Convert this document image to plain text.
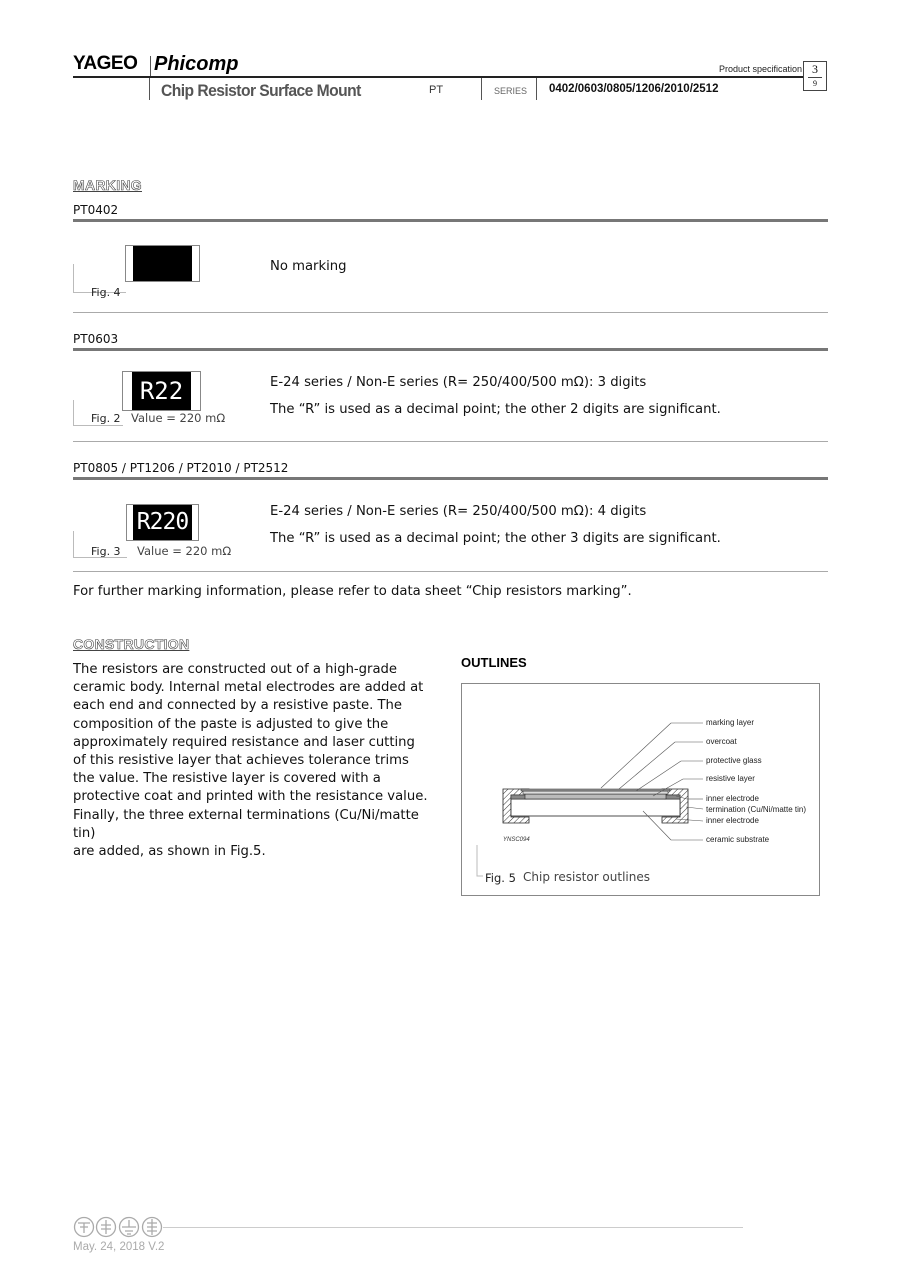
YAGEO Phicomp	Product specification 3
9
Chip Resistor Surface Mount	PT	SERIES 0402/0603/0805/1206/2010/2512
MARKING
PT0402
Fig. 4
No marking
PT0603
R22
Fig. 2 Value = 220 mΩ
E-24 series / Non-E series (R= 250/400/500 mΩ): 3 digits
The “R” is used as a decimal point; the other 2 digits are significant.
PT0805 / PT1206 / PT2010 / PT2512
R220
Fig. 3 Value = 220 mΩ
E-24 series / Non-E series (R= 250/400/500 mΩ): 4 digits
The “R” is used as a decimal point; the other 3 digits are significant.
For further marking information, please refer to data sheet “Chip resistors marking”.
CONSTRUCTION
The resistors are constructed out of a high-grade
ceramic body. Internal metal electrodes are added at
each end and connected by a resistive paste. The
composition of the paste is adjusted to give the
approximately required resistance and laser cutting
of this resistive layer that achieves tolerance trims
the value. The resistive layer is covered with a
protective coat and printed with the resistance value.
Finally, the three external terminations (Cu/Ni/matte tin)
are added, as shown in Fig.5.
OUTLINES
marking layer
overcoat
protective glass
resistive layer
inner electrode
termination (Cu/Ni/matte tin)
inner electrode
ceramic substrate
YNSC094
Fig. 5 Chip resistor outlines
May. 24, 2018 V.2
